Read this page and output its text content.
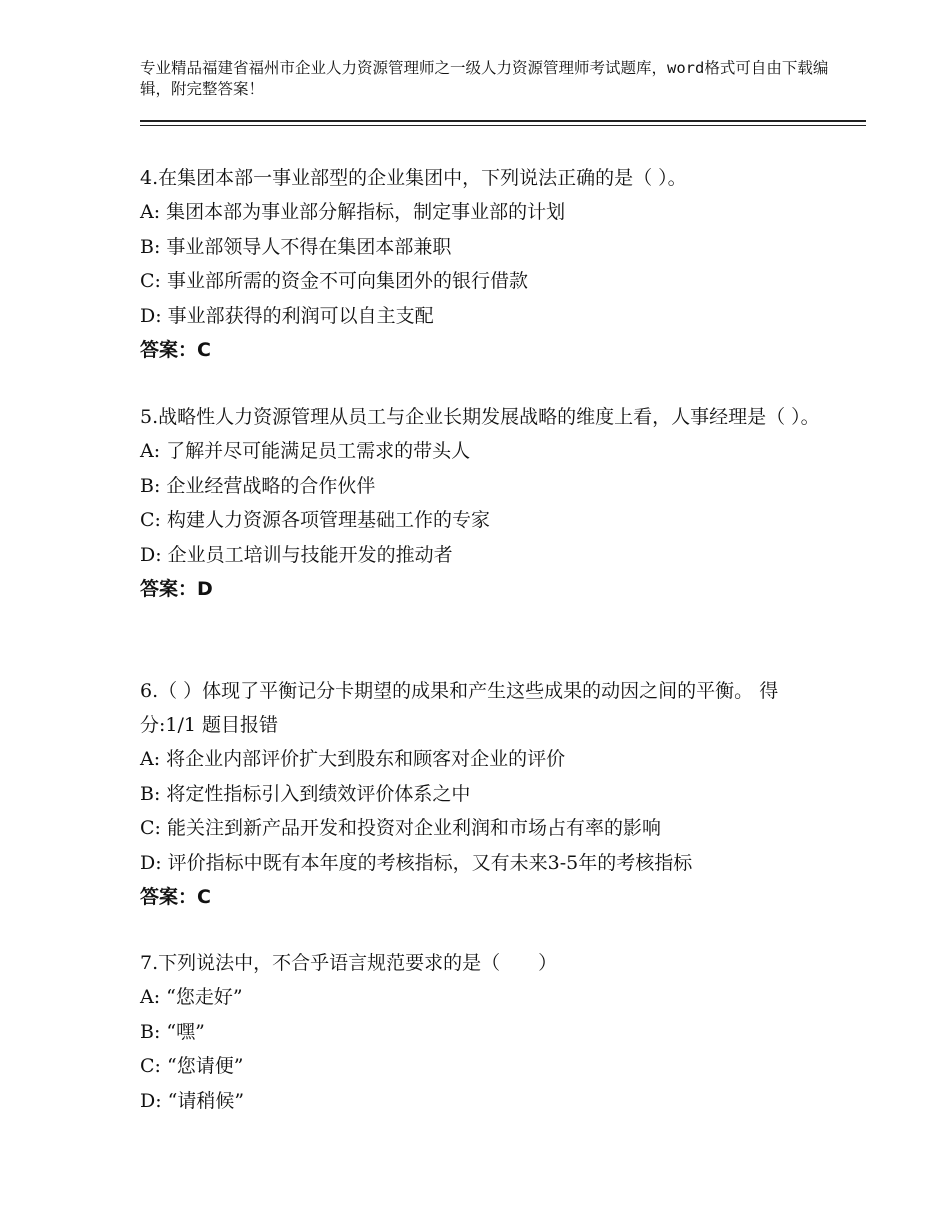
专业精品福建省福州市企业人力资源管理师之一级人力资源管理师考试题库，word格式可自由下载编辑，附完整答案！
4.在集团本部一事业部型的企业集团中，下列说法正确的是（ ）。
A: 集团本部为事业部分解指标，制定事业部的计划
B: 事业部领导人不得在集团本部兼职
C: 事业部所需的资金不可向集团外的银行借款
D: 事业部获得的利润可以自主支配
答案：C
5.战略性人力资源管理从员工与企业长期发展战略的维度上看，人事经理是（ ）。
A: 了解并尽可能满足员工需求的带头人
B: 企业经营战略的合作伙伴
C: 构建人力资源各项管理基础工作的专家
D: 企业员工培训与技能开发的推动者
答案：D
6.（ ）体现了平衡记分卡期望的成果和产生这些成果的动因之间的平衡。 得分:1/1 题目报错
A: 将企业内部评价扩大到股东和顾客对企业的评价
B: 将定性指标引入到绩效评价体系之中
C: 能关注到新产品开发和投资对企业利润和市场占有率的影响
D: 评价指标中既有本年度的考核指标，又有未来3-5年的考核指标
答案：C
7.下列说法中，不合乎语言规范要求的是（　　）
A: “您走好”
B: “嘿”
C: “您请便”
D: “请稍候”
